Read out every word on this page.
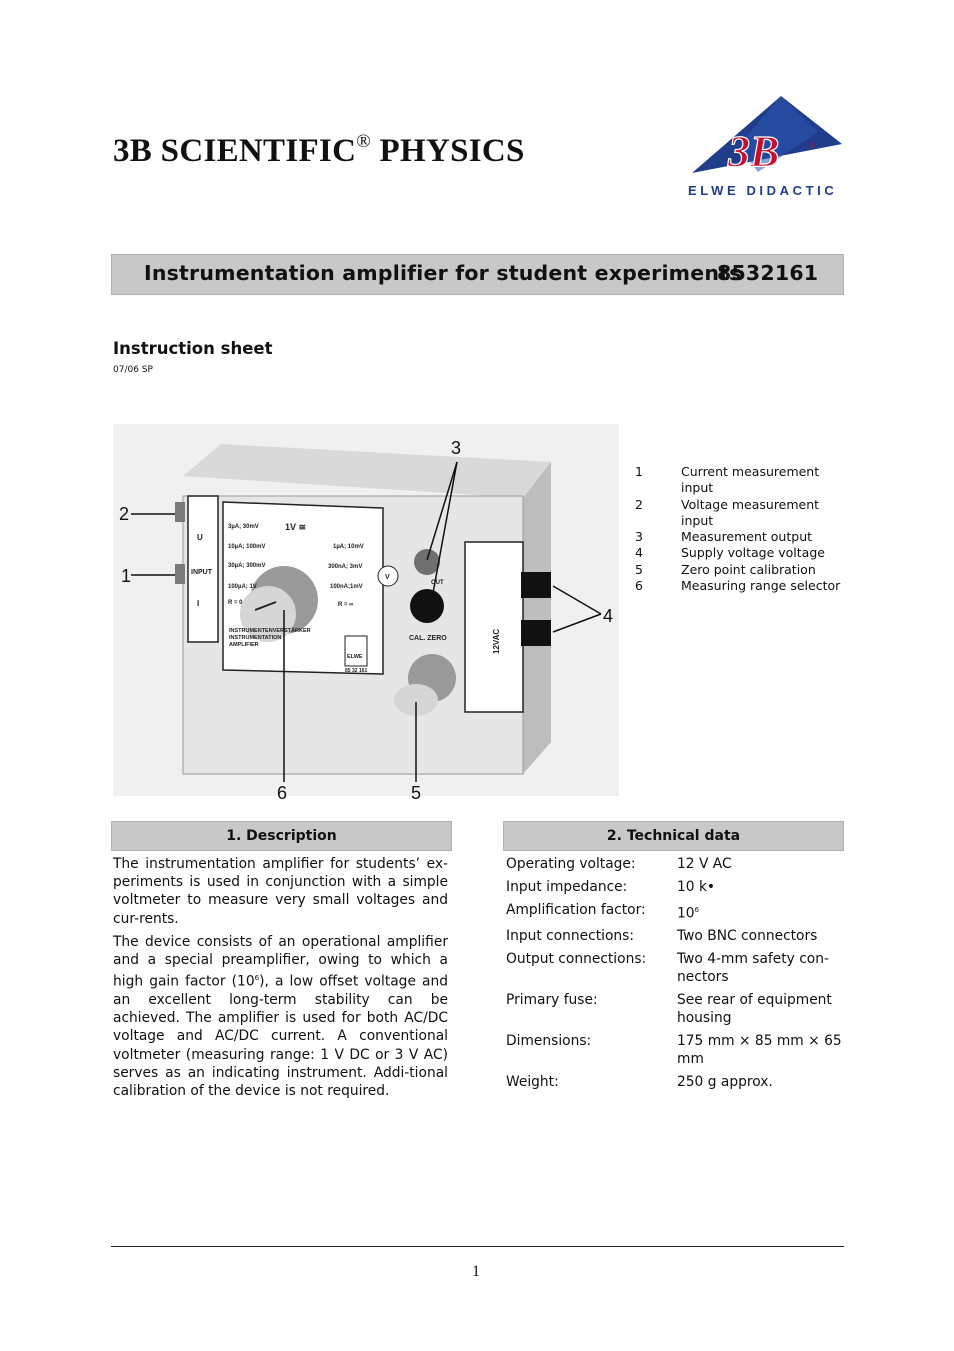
3B SCIENTIFIC® PHYSICS	3B	®
ELWE DIDACTIC
Instrumentation amplifier for student experiments
8532161
Instruction sheet
07/06 SP
U
INPUT
I
1V ≅
3µA; 30mV
10µA; 100mV
30µA; 300mV
100µA; 1V
R = 0
1µA; 10mV
300nA; 3mV
100nA;1mV
R = ∞
INSTRUMENTENVERSTÄRKER
INSTRUMENTATION
AMPLIFIER
ELWE
85 32 161
V
OUT
CAL. ZERO	12VAC
2
1
3
4
5
6
1	Current measurement input
2	Voltage measurement input
3	Measurement output
4	Supply voltage voltage
5	Zero point calibration
6	Measuring range selector
1. Description

The instrumentation amplifier for students’ ex-periments is used in conjunction with a simple voltmeter to measure very small voltages and cur-rents.

The device consists of an operational amplifier and a special preamplifier, owing to which a high gain factor $(10^6)$, a low offset voltage and an excellent long-term stability can be achieved. The amplifier is used for both AC/DC voltage and AC/DC current. A conventional voltmeter (measuring range: 1 V DC or 3 V AC) serves as an indicating instrument. Addi-tional calibration of the device is not required.

2. Technical data
Operating voltage:	12 V AC
Input impedance:	10 k•
Amplification factor:	$10^6$
Input connections:	Two BNC connectors
Output connections:	Two 4-mm safety con-nectors
Primary fuse:	See rear of equipment housing
Dimensions:	175 mm × 85 mm × 65 mm
Weight:	250 g approx.
1
